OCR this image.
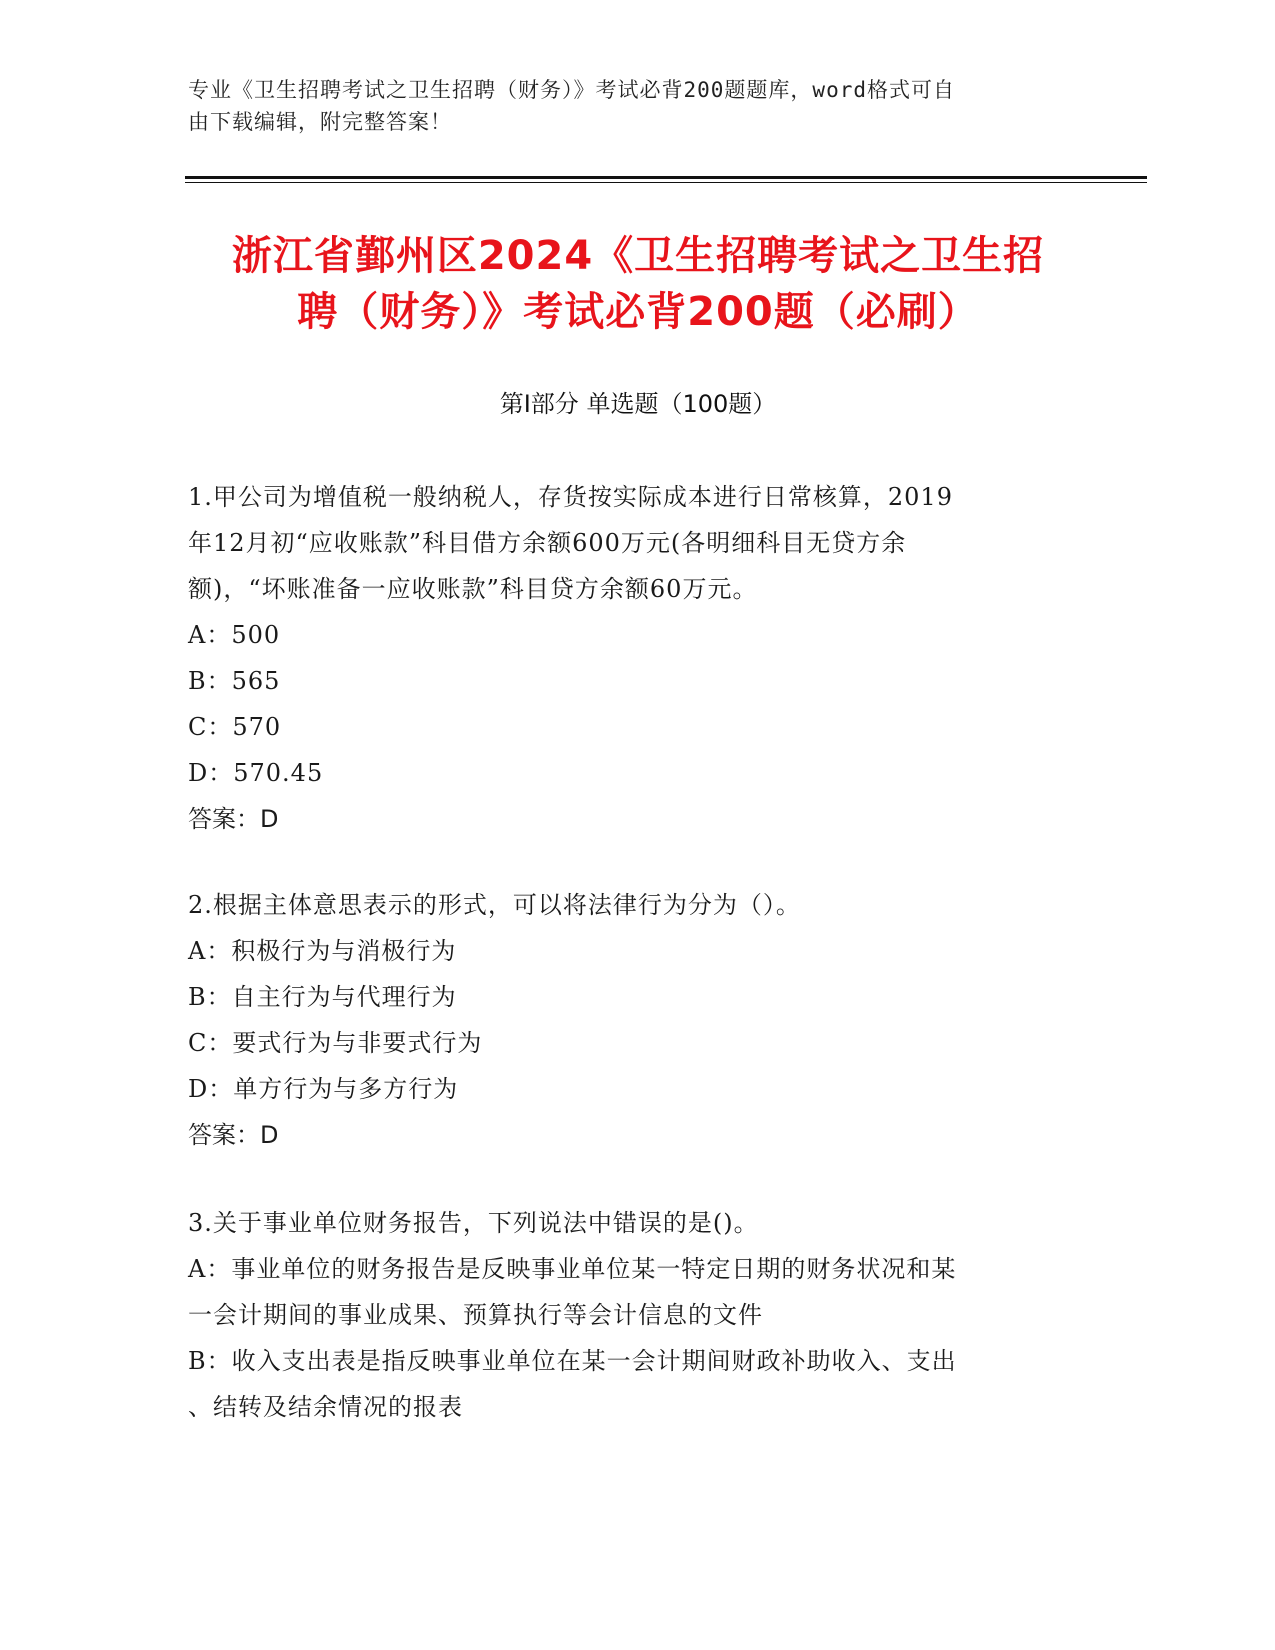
专业《卫生招聘考试之卫生招聘（财务）》考试必背200题题库，word格式可自
由下载编辑，附完整答案！
浙江省鄞州区2024《卫生招聘考试之卫生招
聘（财务）》考试必背200题（必刷）
第Ⅰ部分 单选题（100题）
1.甲公司为增值税一般纳税人，存货按实际成本进行日常核算，2019
年12月初“应收账款”科目借方余额600万元(各明细科目无贷方余
额)，“坏账准备一应收账款”科目贷方余额60万元。
A：500
B：565
C：570
D：570.45
答案：D
2.根据主体意思表示的形式，可以将法律行为分为（）。
A：积极行为与消极行为
B：自主行为与代理行为
C：要式行为与非要式行为
D：单方行为与多方行为
答案：D
3.关于事业单位财务报告，下列说法中错误的是()。
A：事业单位的财务报告是反映事业单位某一特定日期的财务状况和某
一会计期间的事业成果、预算执行等会计信息的文件
B：收入支出表是指反映事业单位在某一会计期间财政补助收入、支出
、结转及结余情况的报表
